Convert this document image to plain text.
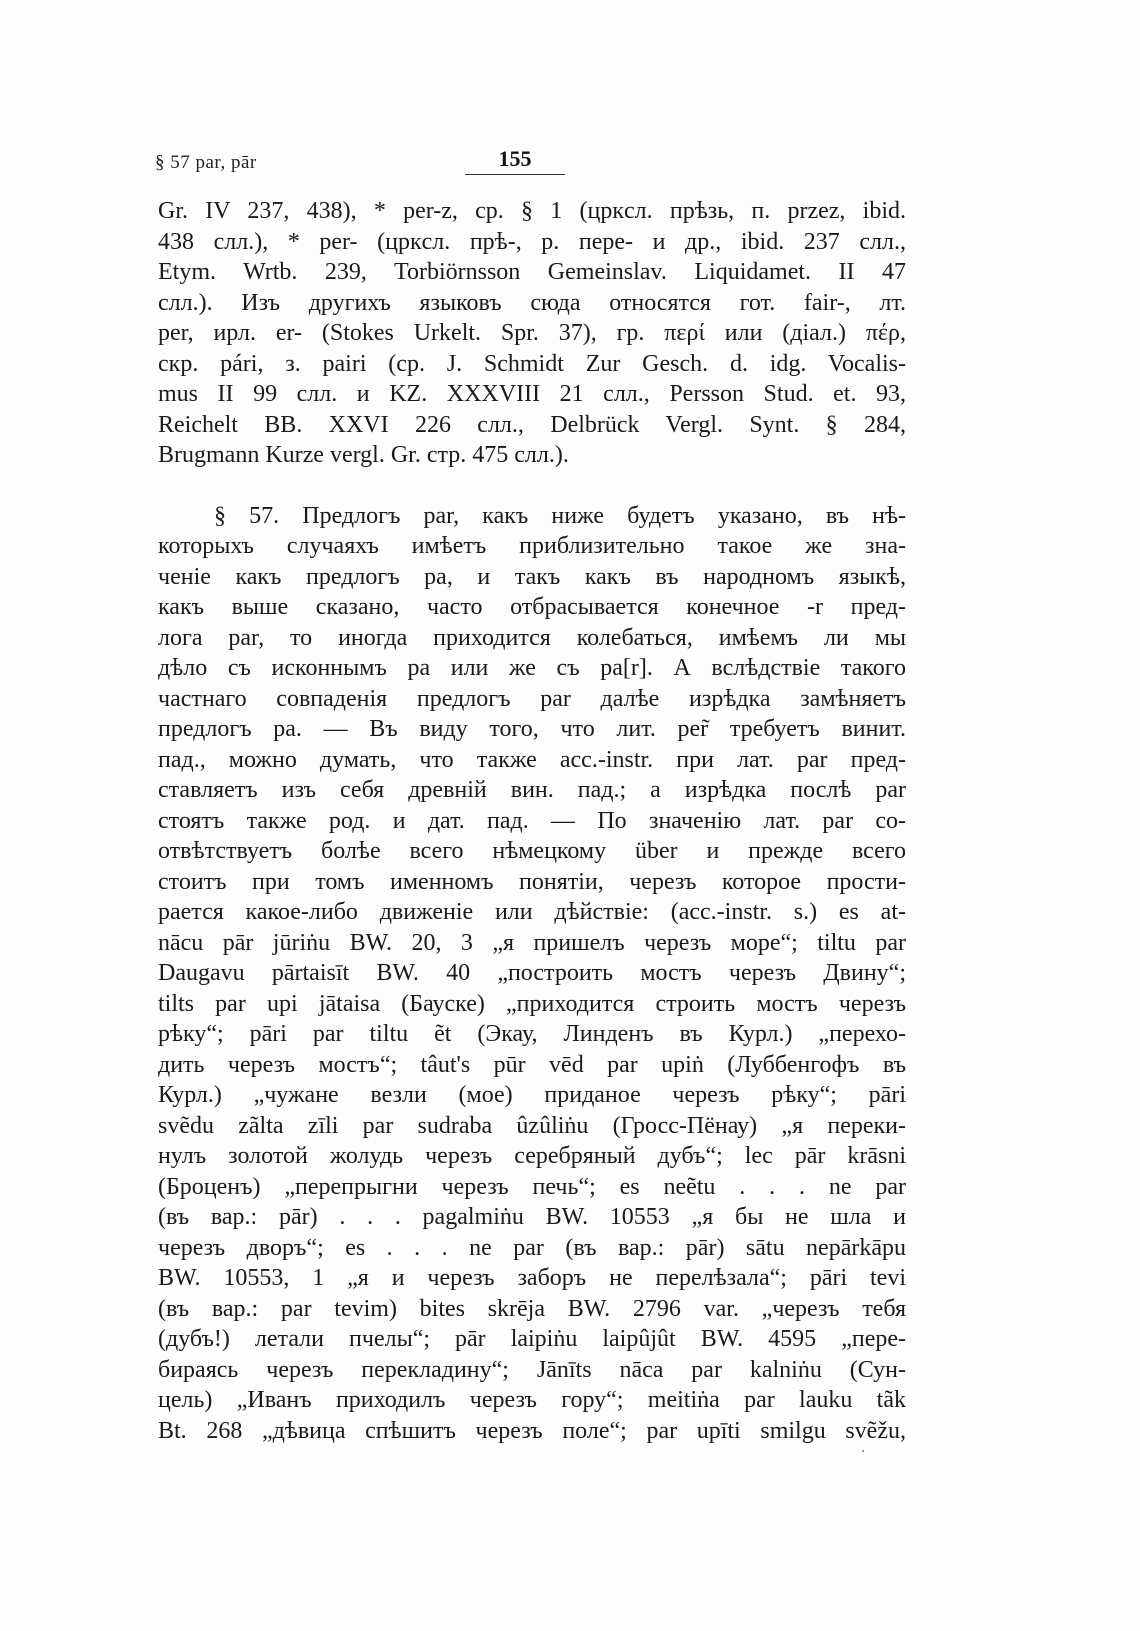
§ 57 par, pār	155
Gr. IV 237, 438), * per-z, ср. § 1 (цркcл. прѣзь, п. przez, ibid.
438 слл.), * per- (цркcл. прѣ-, р. пере- и др., ibid. 237 слл.,
Etym. Wrtb. 239, Torbiörnsson Gemeinslav. Liquidamet. II 47
слл.). Изъ другихъ языковъ сюда относятся гот. fair-, лт.
per, ирл. er- (Stokes Urkelt. Spr. 37), гр. περί или (діал.) πέρ,
скр. pári, з. pairi (ср. J. Schmidt Zur Gesch. d. idg. Vocalis-
mus II 99 слл. и KZ. XXXVIII 21 слл., Persson Stud. et. 93,
Reichelt BB. XXVI 226 слл., Delbrück Vergl. Synt. § 284,
Brugmann Kurze vergl. Gr. стр. 475 слл.).
§ 57. Предлогъ par, какъ ниже будетъ указано, въ нѣ-
которыхъ случаяхъ имѣетъ приблизительно такое же зна-
ченіе какъ предлогъ pa, и такъ какъ въ народномъ языкѣ,
какъ выше сказано, часто отбрасывается конечное -r пред-
лога par, то иногда приходится колебаться, имѣемъ ли мы
дѣло съ исконнымъ pa или же съ pa[r]. А вслѣдствіе такого
частнаго совпаденія предлогъ par далѣе изрѣдка замѣняетъ
предлогъ pa. — Въ виду того, что лит. per̃ требуетъ винит.
пад., можно думать, что также acc.-instr. при лат. par пред-
ставляетъ изъ себя древній вин. пад.; а изрѣдка послѣ par
стоятъ также род. и дат. пад. — По значенію лат. par со-
отвѣтствуетъ болѣе всего нѣмецкому über и прежде всего
стоитъ при томъ именномъ понятіи, черезъ которое прости-
рается какое-либо движеніе или дѣйствіе: (acc.-instr. s.) es at-
nācu pār jūriṅu BW. 20, 3 „я пришелъ черезъ море“; tiltu par
Daugavu pārtaisīt BW. 40 „построить мостъ черезъ Двину“;
tilts par upi jātaisa (Бауске) „приходится строить мостъ черезъ
рѣку“; pāri par tiltu ẽt (Экау, Линденъ въ Курл.) „перехо-
дить черезъ мостъ“; tâut's pūr vēd par upiṅ (Луббенгофъ въ
Курл.) „чужане везли (мое) приданое черезъ рѣку“; pāri
svẽdu zãlta zīli par sudraba ûzûliṅu (Гросс-Пёнау) „я переки-
нулъ золотой жолудь черезъ серебряный дубъ“; lec pār krāsni
(Броценъ) „перепрыгни черезъ печь“; es neẽtu . . . ne par
(въ вар.: pār) . . . pagalmiṅu BW. 10553 „я бы не шла и
черезъ дворъ“; es . . . ne par (въ вар.: pār) sātu nepārkāpu
BW. 10553, 1 „я и черезъ заборъ не перелѣзала“; pāri tevi
(въ вар.: par tevim) bites skrēja BW. 2796 var. „черезъ тебя
(дубъ!) летали пчелы“; pār laipiṅu laipûjût BW. 4595 „пере-
бираясь черезъ перекладину“; Jānīts nāca par kalniṅu (Сун-
цель) „Иванъ приходилъ черезъ гору“; meitiṅa par lauku tãk
Bt. 268 „дѣвица спѣшитъ черезъ поле“; par upīti smilgu svẽžu,
